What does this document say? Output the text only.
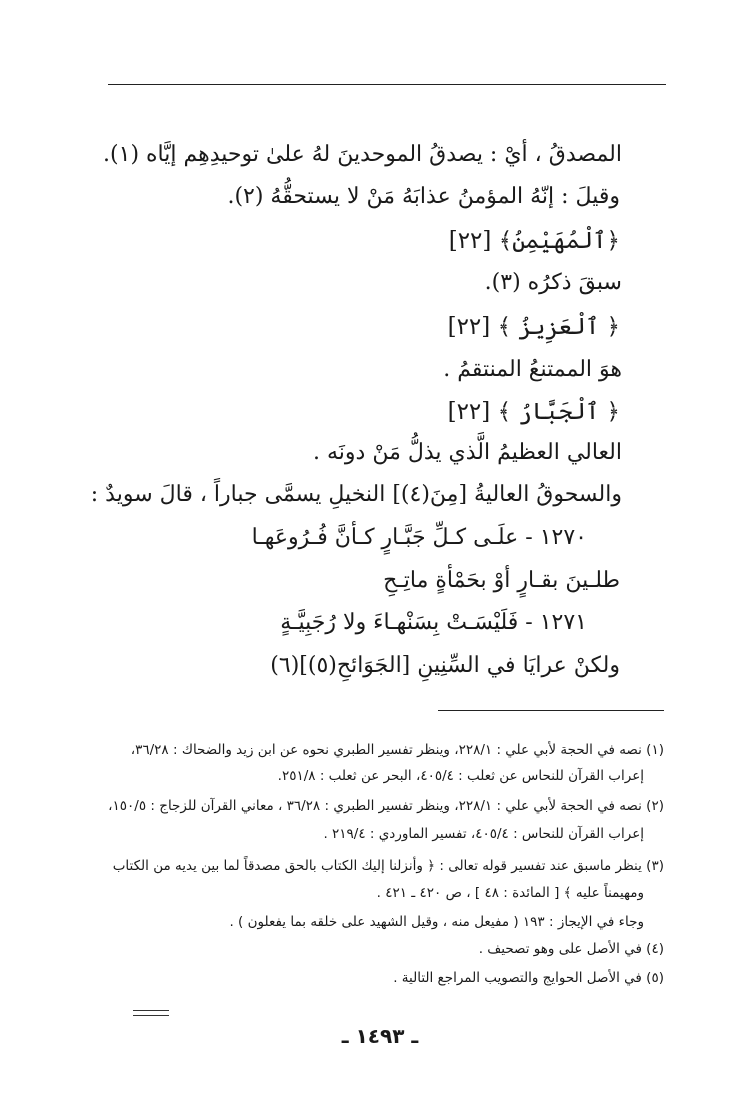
المصدقُ ، أيْ : يصدقُ الموحدينَ لهُ علىٰ توحيدِهِم إيَّاه (١).
وقيلَ : إنّهُ المؤمنُ عذابَهُ مَنْ لا يستحقُّهُ (٢).
﴿ٱلْمُهَيْمِنُ﴾ [٢٢]
سبقَ ذكرُه (٣).
﴿ ٱلْعَزِيزُ ﴾ [٢٢]
هوَ الممتنعُ المنتقمُ .
﴿ ٱلْجَبَّارُ ﴾ [٢٢]
العالي العظيمُ الَّذي يذلُّ مَنْ دونَه .
والسحوقُ العاليةُ [مِنَ(٤)] النخيلِ يسمَّى جباراً ، قالَ سويدٌ :
١٢٧٠ - علَـى كـلِّ جَبَّـارٍ كـأنَّ فُـرُوعَهـا
طلـينَ بقـارٍ أوْ بحَمْأةٍ ماتِـحِ
١٢٧١ - فَلَيْسَـتْ بِسَنْهـاءَ ولا رُجَبِيَّـةٍ
ولكنْ عرايَا في السِّنِينِ [الجَوَائحِ(٥)](٦)
(١) نصه في الحجة لأبي علي : ٢٢٨/١، وينظر تفسير الطبري نحوه عن ابن زيد والضحاك : ٣٦/٢٨،
إعراب القرآن للنحاس عن ثعلب : ٤٠٥/٤، البحر عن ثعلب : ٢٥١/٨.
(٢) نصه في الحجة لأبي علي : ٢٢٨/١، وينظر تفسير الطبري : ٣٦/٢٨ ، معاني القرآن للزجاج : ١٥٠/٥،
إعراب القرآن للنحاس : ٤٠٥/٤، تفسير الماوردي : ٢١٩/٤ .
(٣) ينظر ماسبق عند تفسير قوله تعالى : ﴿ وأنزلنا إليك الكتاب بالحق مصدقاً لما بين يديه من الكتاب
ومهيمناً عليه ﴾ [ المائدة : ٤٨ ] ، ص ٤٢٠ ـ ٤٢١ .
وجاء في الإيجاز : ١٩٣ ( مفيعل منه ، وقيل الشهيد على خلقه بما يفعلون ) .
(٤) في الأصل على وهو تصحيف .
(٥) في الأصل الحوايج والتصويب المراجع التالية .
ـ ١٤٩٣ ـ
